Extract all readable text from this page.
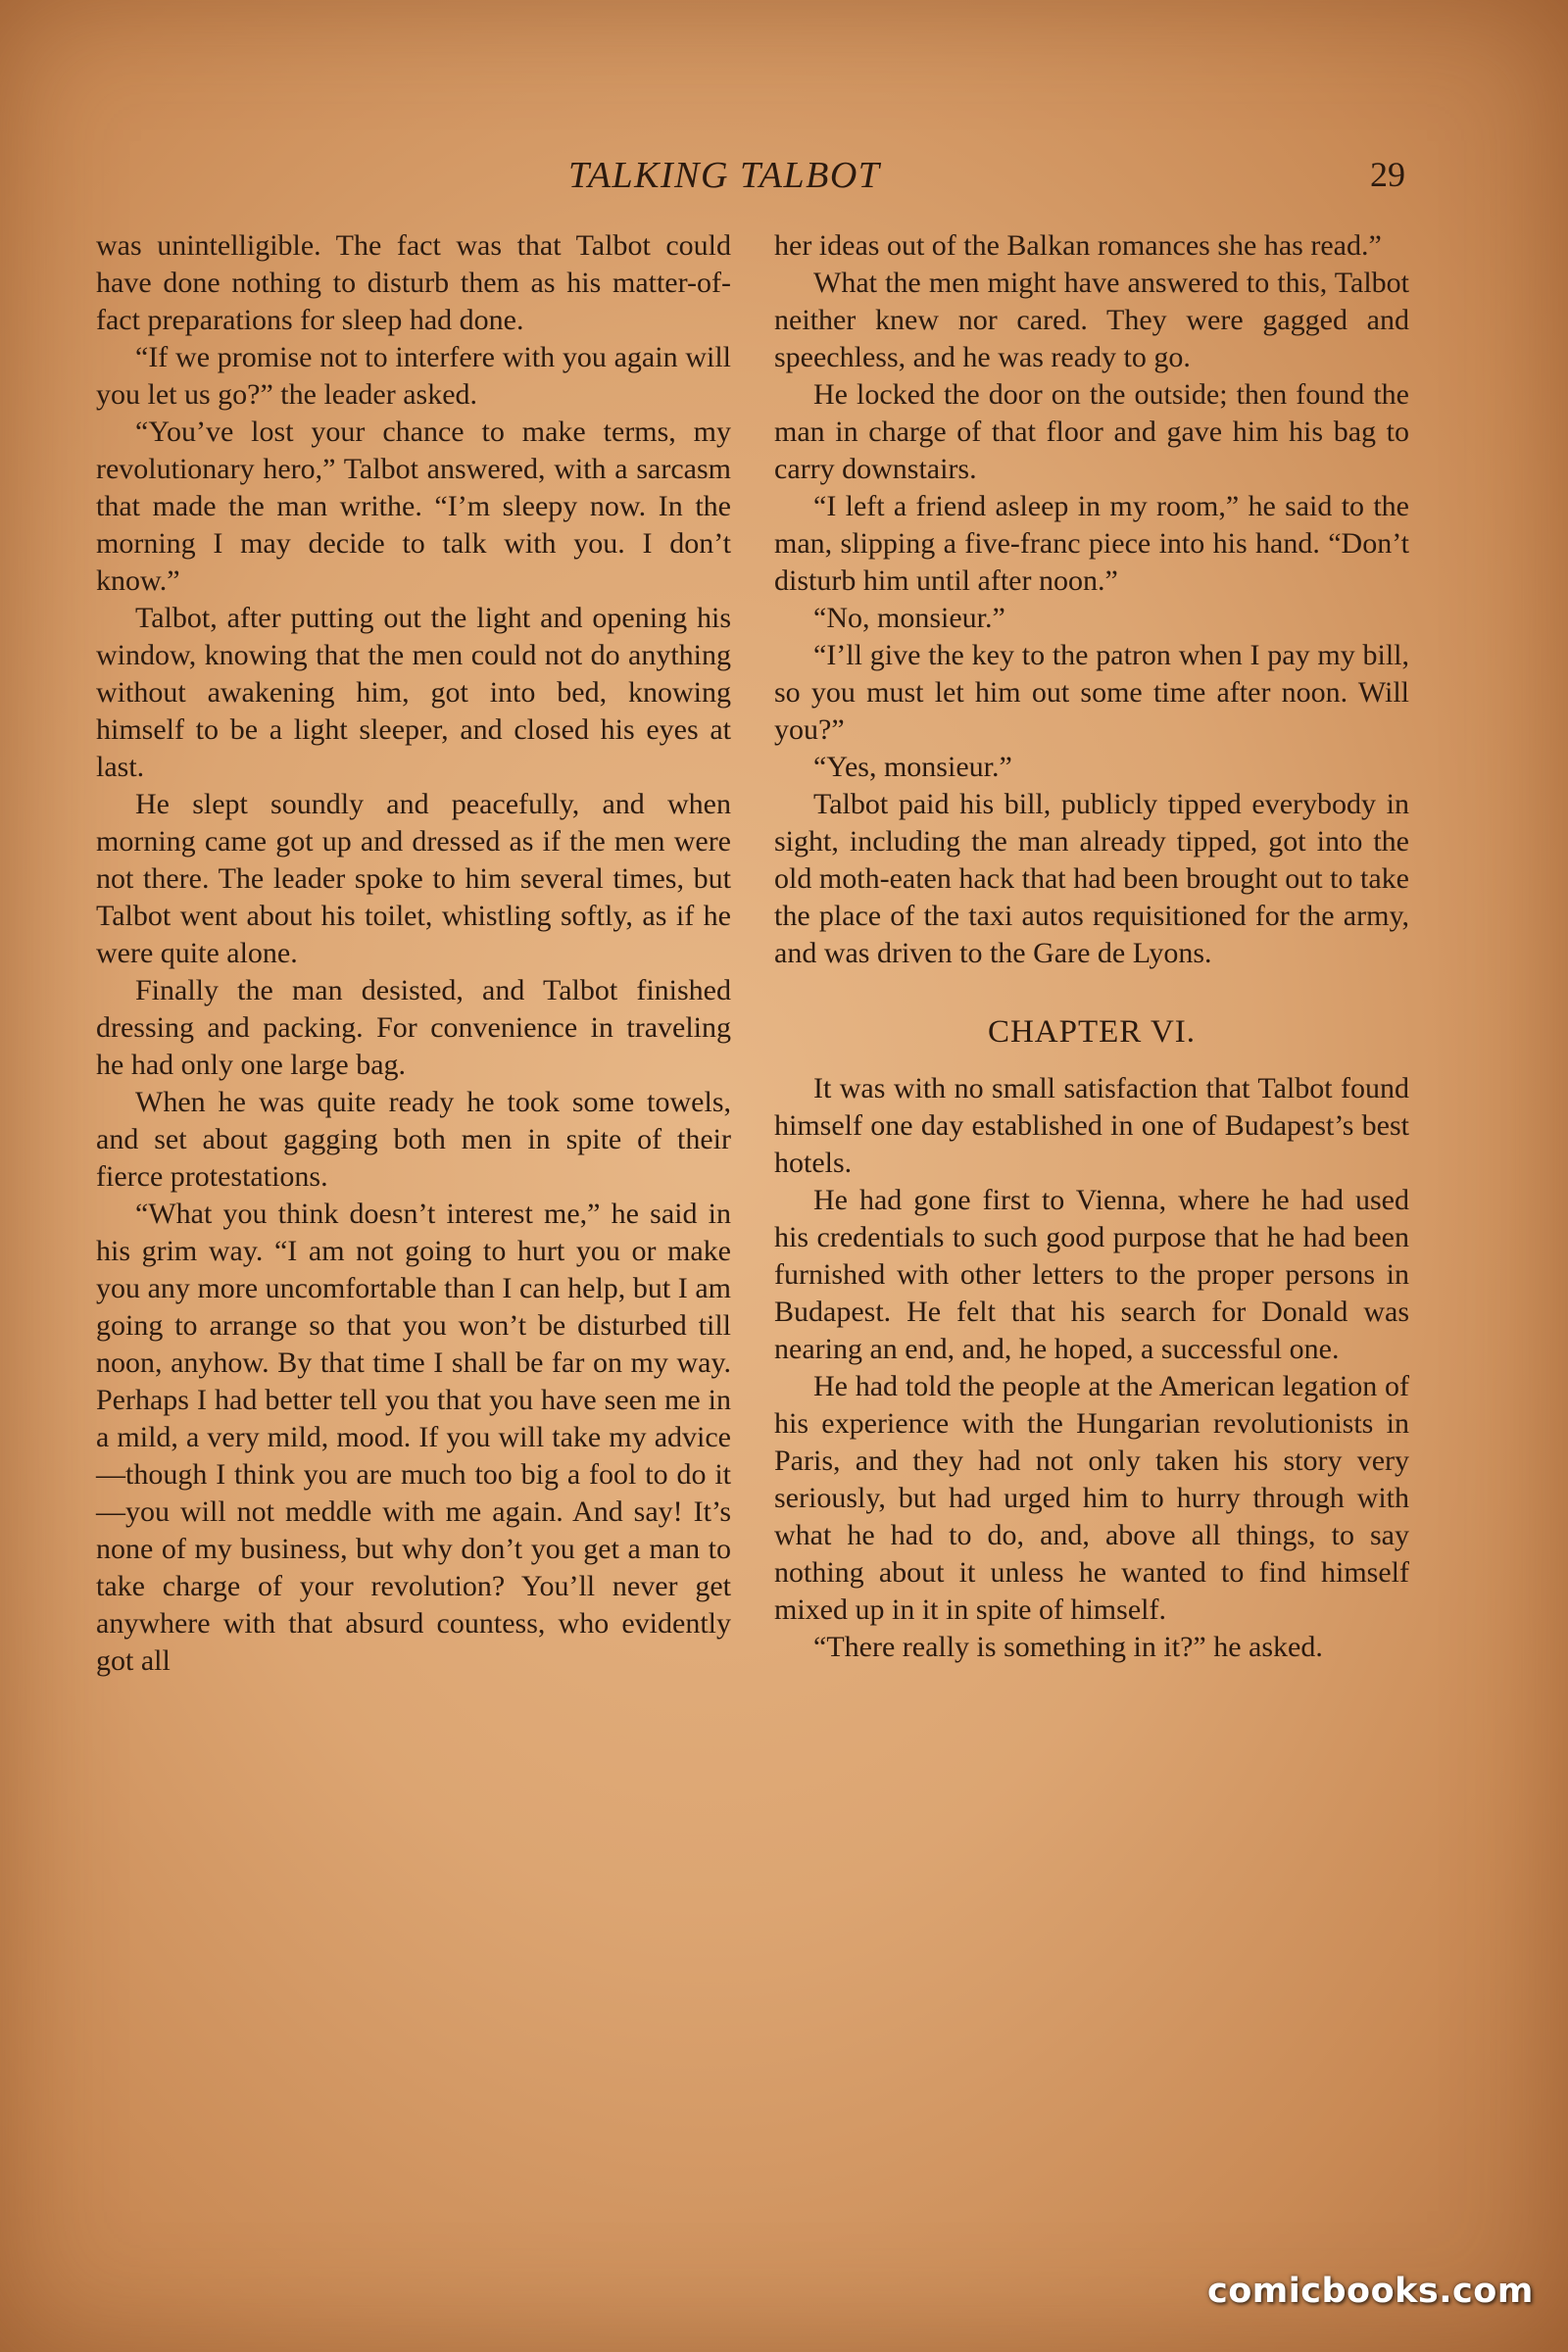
TALKING TALBOT	29

was unintelligible. The fact was that Talbot could have done nothing to disturb them as his matter-of-fact preparations for sleep had done.

“If we promise not to interfere with you again will you let us go?” the leader asked.

“You’ve lost your chance to make terms, my revolutionary hero,” Talbot answered, with a sarcasm that made the man writhe. “I’m sleepy now. In the morning I may decide to talk with you. I don’t know.”

Talbot, after putting out the light and opening his window, knowing that the men could not do anything without awakening him, got into bed, knowing himself to be a light sleeper, and closed his eyes at last.

He slept soundly and peacefully, and when morning came got up and dressed as if the men were not there. The leader spoke to him several times, but Talbot went about his toilet, whistling softly, as if he were quite alone.

Finally the man desisted, and Talbot finished dressing and packing. For convenience in traveling he had only one large bag.

When he was quite ready he took some towels, and set about gagging both men in spite of their fierce protestations.

“What you think doesn’t interest me,” he said in his grim way. “I am not going to hurt you or make you any more uncomfortable than I can help, but I am going to arrange so that you won’t be disturbed till noon, anyhow. By that time I shall be far on my way. Perhaps I had better tell you that you have seen me in a mild, a very mild, mood. If you will take my advice—though I think you are much too big a fool to do it—you will not meddle with me again. And say! It’s none of my business, but why don’t you get a man to take charge of your revolution? You’ll never get anywhere with that absurd countess, who evidently got all

her ideas out of the Balkan romances she has read.”

What the men might have answered to this, Talbot neither knew nor cared. They were gagged and speechless, and he was ready to go.

He locked the door on the outside; then found the man in charge of that floor and gave him his bag to carry downstairs.

“I left a friend asleep in my room,” he said to the man, slipping a five-franc piece into his hand. “Don’t disturb him until after noon.”

“No, monsieur.”

“I’ll give the key to the patron when I pay my bill, so you must let him out some time after noon. Will you?”

“Yes, monsieur.”

Talbot paid his bill, publicly tipped everybody in sight, including the man already tipped, got into the old moth-eaten hack that had been brought out to take the place of the taxi autos requisitioned for the army, and was driven to the Gare de Lyons.

CHAPTER VI.

It was with no small satisfaction that Talbot found himself one day established in one of Budapest’s best hotels.

He had gone first to Vienna, where he had used his credentials to such good purpose that he had been furnished with other letters to the proper persons in Budapest. He felt that his search for Donald was nearing an end, and, he hoped, a successful one.

He had told the people at the American legation of his experience with the Hungarian revolutionists in Paris, and they had not only taken his story very seriously, but had urged him to hurry through with what he had to do, and, above all things, to say nothing about it unless he wanted to find himself mixed up in it in spite of himself.

“There really is something in it?” he asked.

comicbooks.com
